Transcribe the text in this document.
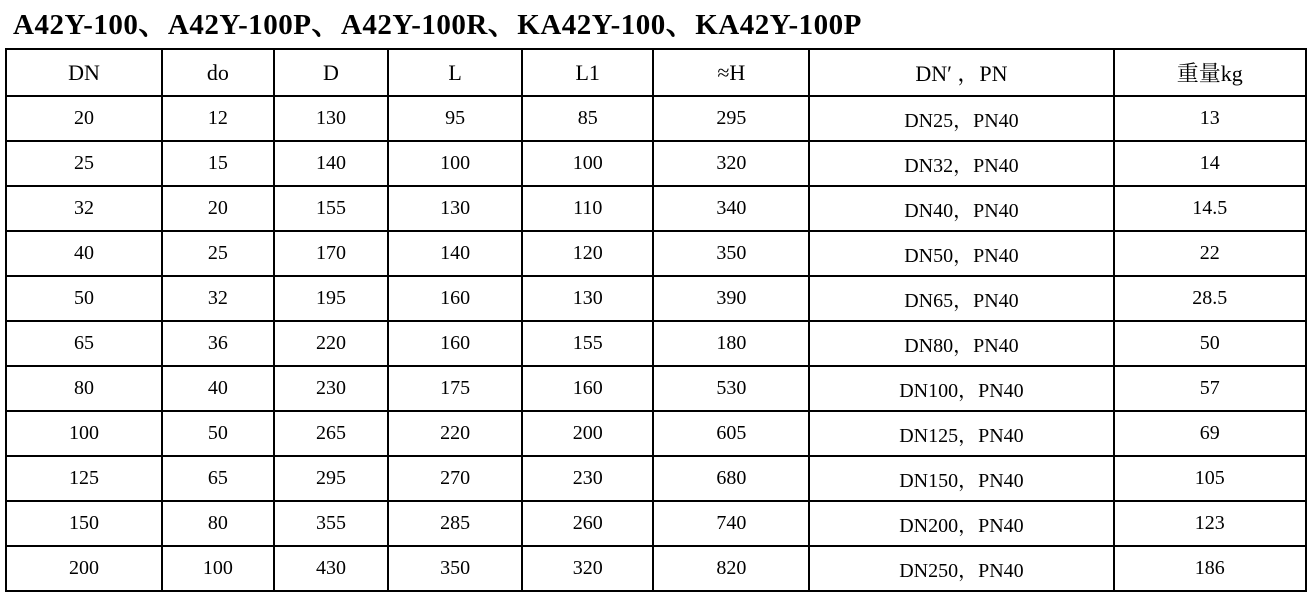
A42Y-100、A42Y-100P、A42Y-100R、KA42Y-100、KA42Y-100P
DN	do	D	L	L1	≈H	DN′ ，PN	重量kg
20	12	130	95	85	295	DN25，PN40	13
25	15	140	100	100	320	DN32，PN40	14
32	20	155	130	110	340	DN40，PN40	14.5
40	25	170	140	120	350	DN50，PN40	22
50	32	195	160	130	390	DN65，PN40	28.5
65	36	220	160	155	180	DN80，PN40	50
80	40	230	175	160	530	DN100，PN40	57
100	50	265	220	200	605	DN125，PN40	69
125	65	295	270	230	680	DN150，PN40	105
150	80	355	285	260	740	DN200，PN40	123
200	100	430	350	320	820	DN250，PN40	186
